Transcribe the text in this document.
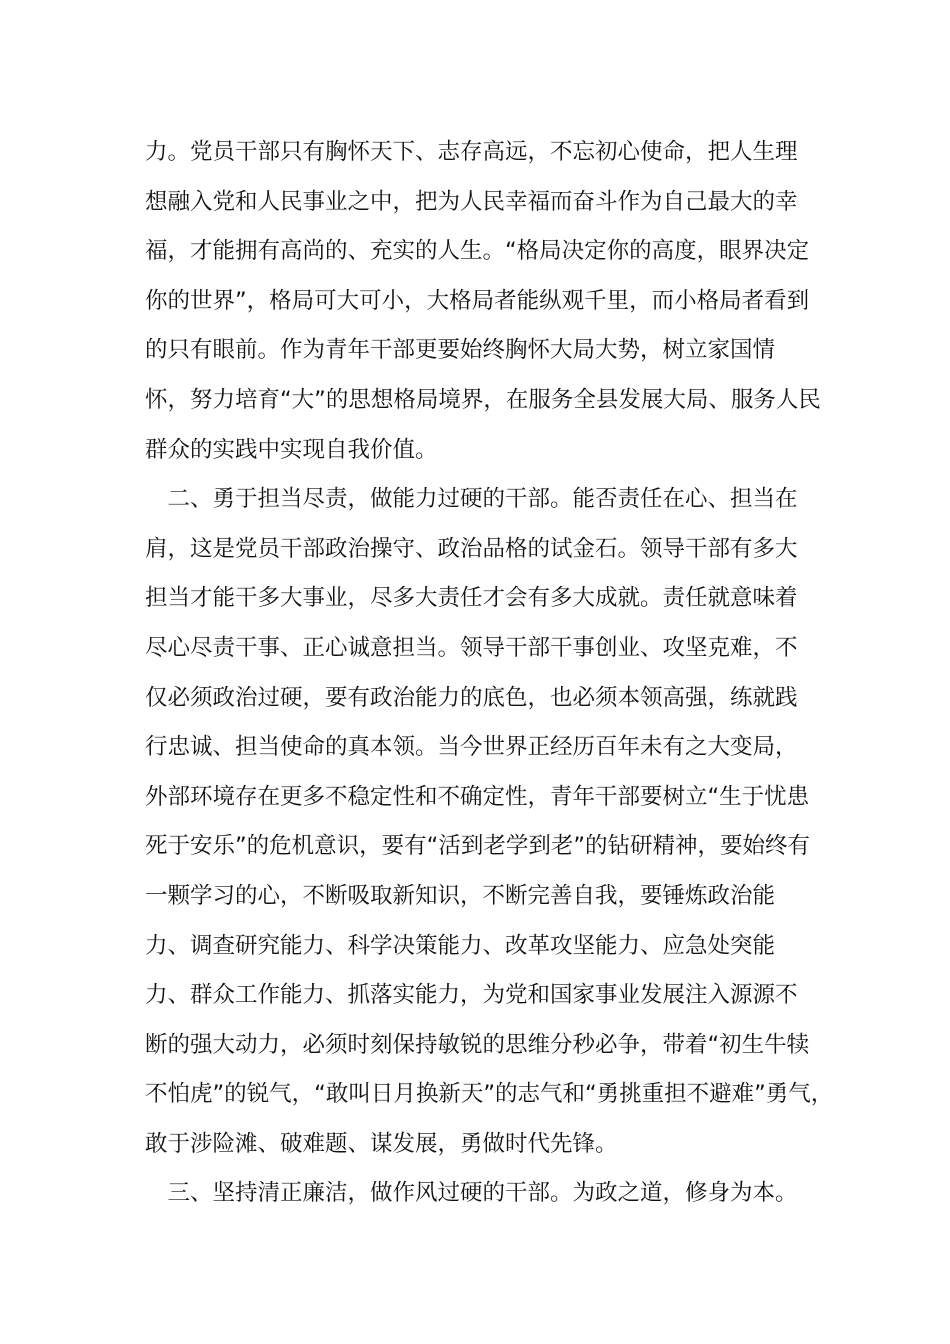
力。党员干部只有胸怀天下、志存高远，不忘初心使命，把人生理
想融入党和人民事业之中，把为人民幸福而奋斗作为自己最大的幸
福，才能拥有高尚的、充实的人生。“格局决定你的高度，眼界决定
你的世界”，格局可大可小，大格局者能纵观千里，而小格局者看到
的只有眼前。作为青年干部更要始终胸怀大局大势，树立家国情
怀，努力培育“大”的思想格局境界，在服务全县发展大局、服务人民
群众的实践中实现自我价值。
　二、勇于担当尽责，做能力过硬的干部。能否责任在心、担当在
肩，这是党员干部政治操守、政治品格的试金石。领导干部有多大
担当才能干多大事业，尽多大责任才会有多大成就。责任就意味着
尽心尽责干事、正心诚意担当。领导干部干事创业、攻坚克难，不
仅必须政治过硬，要有政治能力的底色，也必须本领高强，练就践
行忠诚、担当使命的真本领。当今世界正经历百年未有之大变局，
外部环境存在更多不稳定性和不确定性，青年干部要树立“生于忧患
死于安乐”的危机意识，要有“活到老学到老”的钻研精神，要始终有
一颗学习的心，不断吸取新知识，不断完善自我，要锤炼政治能
力、调查研究能力、科学决策能力、改革攻坚能力、应急处突能
力、群众工作能力、抓落实能力，为党和国家事业发展注入源源不
断的强大动力，必须时刻保持敏锐的思维分秒必争，带着“初生牛犊
不怕虎”的锐气，“敢叫日月换新天”的志气和“勇挑重担不避难”勇气，
敢于涉险滩、破难题、谋发展，勇做时代先锋。
　三、坚持清正廉洁，做作风过硬的干部。为政之道，修身为本。
